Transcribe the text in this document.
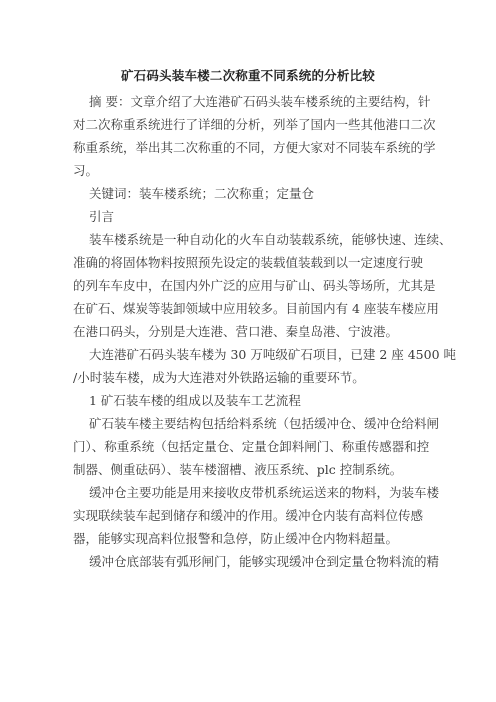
矿石码头装车楼二次称重不同系统的分析比较
摘 要：文章介绍了大连港矿石码头装车楼系统的主要结构，针
对二次称重系统进行了详细的分析，列举了国内一些其他港口二次
称重系统，举出其二次称重的不同，方便大家对不同装车系统的学
习。
关键词：装车楼系统；二次称重；定量仓
引言
装车楼系统是一种自动化的火车自动装载系统，能够快速、连续、
准确的将固体物料按照预先设定的装载值装载到以一定速度行驶
的列车车皮中，在国内外广泛的应用与矿山、码头等场所，尤其是
在矿石、煤炭等装卸领域中应用较多。目前国内有 4 座装车楼应用
在港口码头，分别是大连港、营口港、秦皇岛港、宁波港。
大连港矿石码头装车楼为 30 万吨级矿石项目，已建 2 座 4500 吨
/小时装车楼，成为大连港对外铁路运输的重要环节。
1 矿石装车楼的组成以及装车工艺流程
矿石装车楼主要结构包括给料系统（包括缓冲仓、缓冲仓给料闸
门）、称重系统（包括定量仓、定量仓卸料闸门、称重传感器和控
制器、侧重砝码）、装车楼溜槽、液压系统、plc 控制系统。
缓冲仓主要功能是用来接收皮带机系统运送来的物料，为装车楼
实现联续装车起到储存和缓冲的作用。缓冲仓内装有高料位传感
器，能够实现高料位报警和急停，防止缓冲仓内物料超量。
缓冲仓底部装有弧形闸门，能够实现缓冲仓到定量仓物料流的精
